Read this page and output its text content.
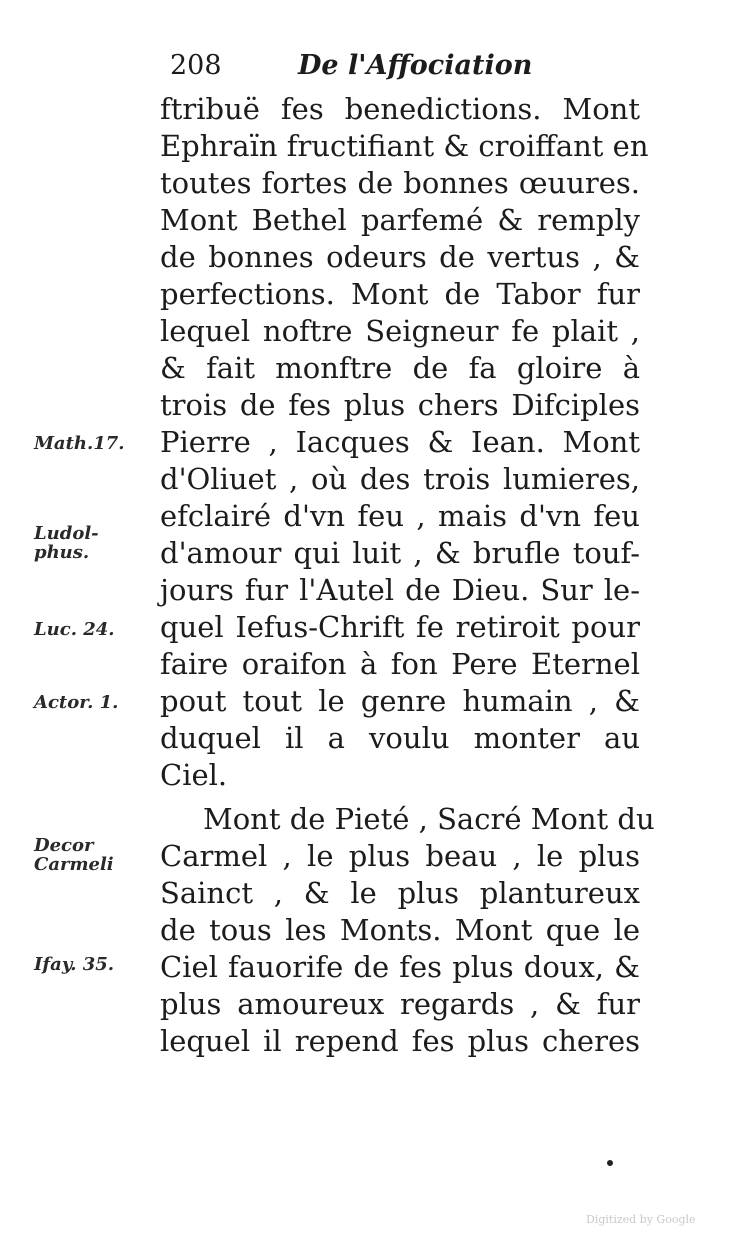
208	De l'Affociation
ftribuë fes benedictions. Mont
Ephraïn fructifiant & croiffant en
toutes fortes de bonnes œuures.
Mont Bethel parfemé & remply
de bonnes odeurs de vertus , &
perfections. Mont de Tabor fur
lequel noftre Seigneur fe plait ,
& fait monftre de fa gloire à
trois de fes plus chers Difciples
Pierre , Iacques & Iean. Mont
d'Oliuet , où des trois lumieres,
efclairé d'vn feu , mais d'vn feu
d'amour qui luit , & brufle touf-
jours fur l'Autel de Dieu. Sur le-
quel Iefus-Chrift fe retiroit pour
faire oraifon à fon Pere Eternel
pout tout le genre humain , &
duquel il a voulu monter au
Ciel.
Mont de Pieté , Sacré Mont du
Carmel , le plus beau , le plus
Sainct , & le plus plantureux
de tous les Monts. Mont que le
Ciel fauorife de fes plus doux, &
plus amoureux regards , & fur
lequel il repend fes plus cheres
Math.17.
Ludol-
phus.
Luc. 24.
Actor. 1.
Decor
Carmeli
Ifay. 35.
Digitized by Google
